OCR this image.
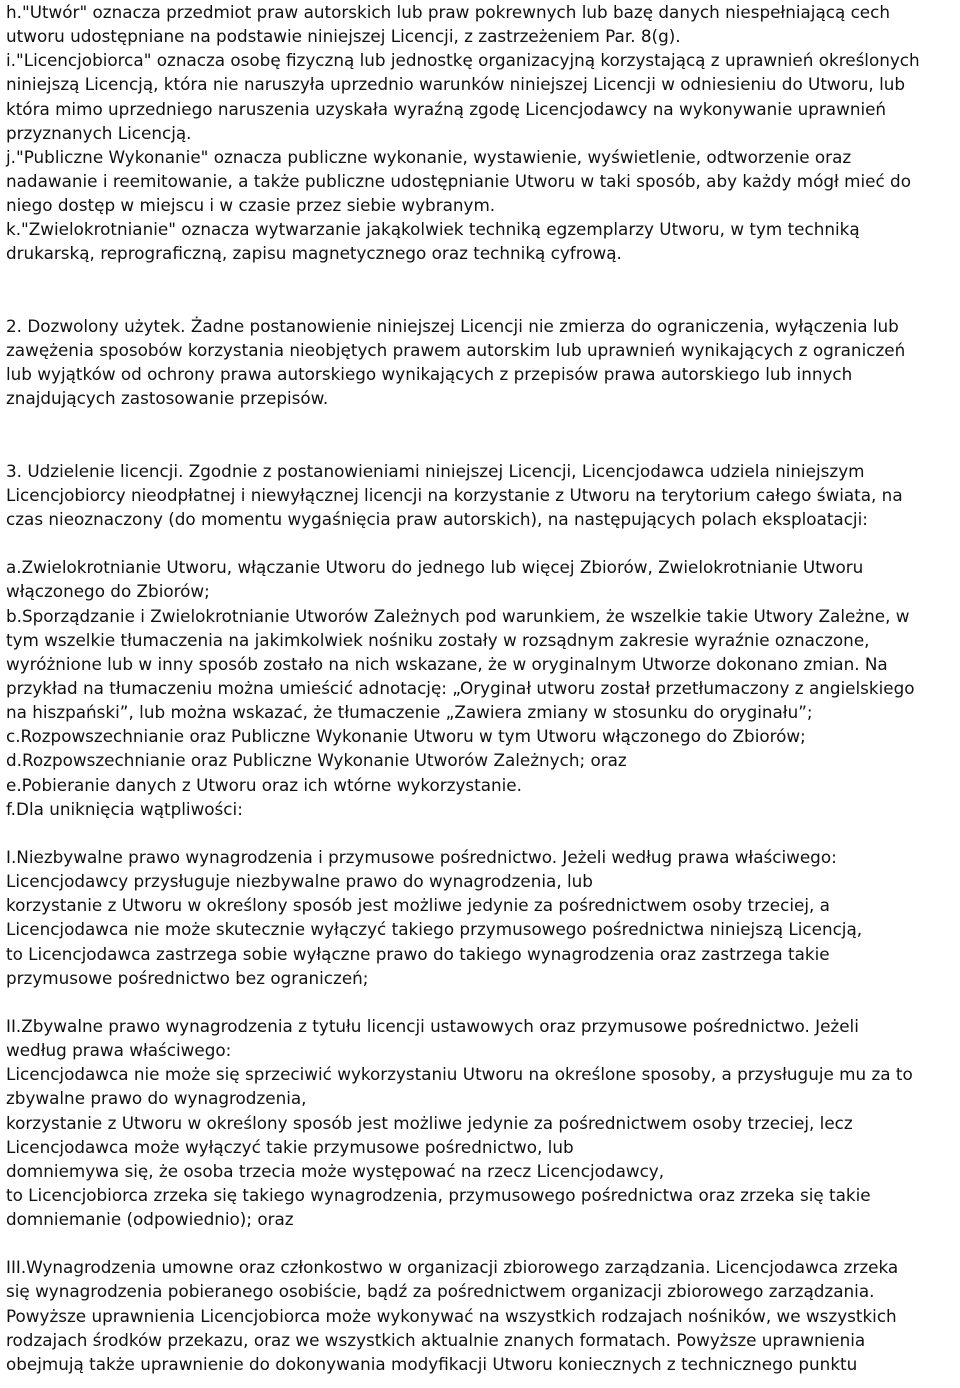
h."Utwór" oznacza przedmiot praw autorskich lub praw pokrewnych lub bazę danych niespełniającą cech
utworu udostępniane na podstawie niniejszej Licencji, z zastrzeżeniem Par. 8(g).
i."Licencjobiorca" oznacza osobę fizyczną lub jednostkę organizacyjną korzystającą z uprawnień określonych
niniejszą Licencją, która nie naruszyła uprzednio warunków niniejszej Licencji w odniesieniu do Utworu, lub
która mimo uprzedniego naruszenia uzyskała wyraźną zgodę Licencjodawcy na wykonywanie uprawnień
przyznanych Licencją.
j."Publiczne Wykonanie" oznacza publiczne wykonanie, wystawienie, wyświetlenie, odtworzenie oraz
nadawanie i reemitowanie, a także publiczne udostępnianie Utworu w taki sposób, aby każdy mógł mieć do
niego dostęp w miejscu i w czasie przez siebie wybranym.
k."Zwielokrotnianie" oznacza wytwarzanie jakąkolwiek techniką egzemplarzy Utworu, w tym techniką
drukarską, reprograficzną, zapisu magnetycznego oraz techniką cyfrową.
2. Dozwolony użytek. Żadne postanowienie niniejszej Licencji nie zmierza do ograniczenia, wyłączenia lub
zawężenia sposobów korzystania nieobjętych prawem autorskim lub uprawnień wynikających z ograniczeń
lub wyjątków od ochrony prawa autorskiego wynikających z przepisów prawa autorskiego lub innych
znajdujących zastosowanie przepisów.
3. Udzielenie licencji. Zgodnie z postanowieniami niniejszej Licencji, Licencjodawca udziela niniejszym
Licencjobiorcy nieodpłatnej i niewyłącznej licencji na korzystanie z Utworu na terytorium całego świata, na
czas nieoznaczony (do momentu wygaśnięcia praw autorskich), na następujących polach eksploatacji:
a.Zwielokrotnianie Utworu, włączanie Utworu do jednego lub więcej Zbiorów, Zwielokrotnianie Utworu
włączonego do Zbiorów;
b.Sporządzanie i Zwielokrotnianie Utworów Zależnych pod warunkiem, że wszelkie takie Utwory Zależne, w
tym wszelkie tłumaczenia na jakimkolwiek nośniku zostały w rozsądnym zakresie wyraźnie oznaczone,
wyróżnione lub w inny sposób zostało na nich wskazane, że w oryginalnym Utworze dokonano zmian. Na
przykład na tłumaczeniu można umieścić adnotację: „Oryginał utworu został przetłumaczony z angielskiego
na hiszpański”, lub można wskazać, że tłumaczenie „Zawiera zmiany w stosunku do oryginału”;
c.Rozpowszechnianie oraz Publiczne Wykonanie Utworu w tym Utworu włączonego do Zbiorów;
d.Rozpowszechnianie oraz Publiczne Wykonanie Utworów Zależnych; oraz
e.Pobieranie danych z Utworu oraz ich wtórne wykorzystanie.
f.Dla uniknięcia wątpliwości:
I.Niezbywalne prawo wynagrodzenia i przymusowe pośrednictwo. Jeżeli według prawa właściwego:
Licencjodawcy przysługuje niezbywalne prawo do wynagrodzenia, lub
korzystanie z Utworu w określony sposób jest możliwe jedynie za pośrednictwem osoby trzeciej, a
Licencjodawca nie może skutecznie wyłączyć takiego przymusowego pośrednictwa niniejszą Licencją,
to Licencjodawca zastrzega sobie wyłączne prawo do takiego wynagrodzenia oraz zastrzega takie
przymusowe pośrednictwo bez ograniczeń;
II.Zbywalne prawo wynagrodzenia z tytułu licencji ustawowych oraz przymusowe pośrednictwo. Jeżeli
według prawa właściwego:
Licencjodawca nie może się sprzeciwić wykorzystaniu Utworu na określone sposoby, a przysługuje mu za to
zbywalne prawo do wynagrodzenia,
korzystanie z Utworu w określony sposób jest możliwe jedynie za pośrednictwem osoby trzeciej, lecz
Licencjodawca może wyłączyć takie przymusowe pośrednictwo, lub
domniemywa się, że osoba trzecia może występować na rzecz Licencjodawcy,
to Licencjobiorca zrzeka się takiego wynagrodzenia, przymusowego pośrednictwa oraz zrzeka się takie
domniemanie (odpowiednio); oraz
III.Wynagrodzenia umowne oraz członkostwo w organizacji zbiorowego zarządzania. Licencjodawca zrzeka
się wynagrodzenia pobieranego osobiście, bądź za pośrednictwem organizacji zbiorowego zarządzania.
Powyższe uprawnienia Licencjobiorca może wykonywać na wszystkich rodzajach nośników, we wszystkich
rodzajach środków przekazu, oraz we wszystkich aktualnie znanych formatach. Powyższe uprawnienia
obejmują także uprawnienie do dokonywania modyfikacji Utworu koniecznych z technicznego punktu
